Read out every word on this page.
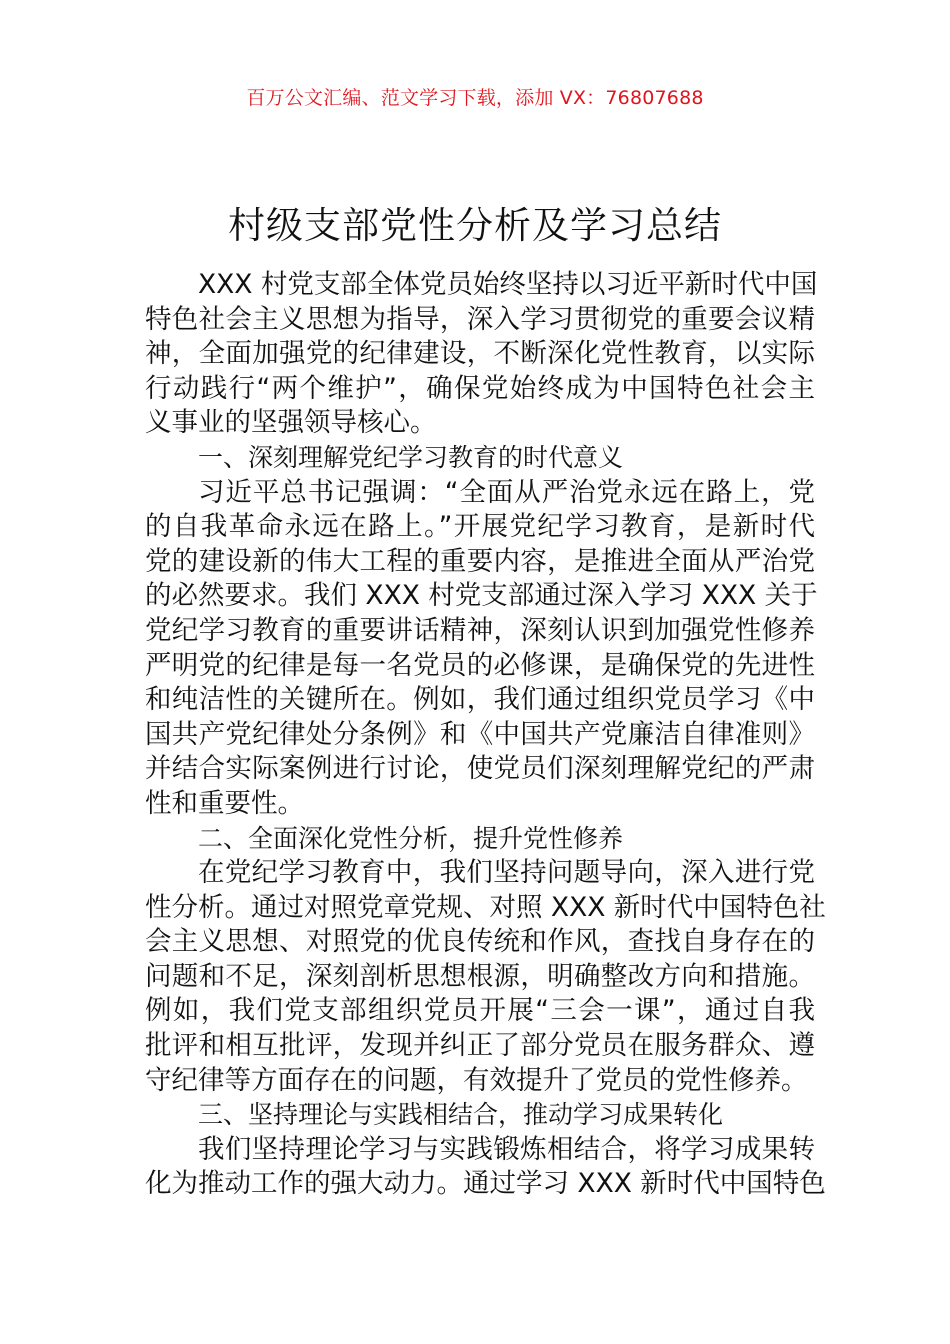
百万公文汇编、范文学习下载，添加 VX：76807688
村级支部党性分析及学习总结
XXX 村党支部全体党员始终坚持以习近平新时代中国
特色社会主义思想为指导，深入学习贯彻党的重要会议精
神，全面加强党的纪律建设，不断深化党性教育，以实际
行动践行“两个维护”，确保党始终成为中国特色社会主
义事业的坚强领导核心。
一、深刻理解党纪学习教育的时代意义
习近平总书记强调：“全面从严治党永远在路上，党
的自我革命永远在路上。”开展党纪学习教育，是新时代
党的建设新的伟大工程的重要内容，是推进全面从严治党
的必然要求。我们 XXX 村党支部通过深入学习 XXX 关于
党纪学习教育的重要讲话精神，深刻认识到加强党性修养
严明党的纪律是每一名党员的必修课，是确保党的先进性
和纯洁性的关键所在。例如，我们通过组织党员学习《中
国共产党纪律处分条例》和《中国共产党廉洁自律准则》
并结合实际案例进行讨论，使党员们深刻理解党纪的严肃
性和重要性。
二、全面深化党性分析，提升党性修养
在党纪学习教育中，我们坚持问题导向，深入进行党
性分析。通过对照党章党规、对照 XXX 新时代中国特色社
会主义思想、对照党的优良传统和作风，查找自身存在的
问题和不足，深刻剖析思想根源，明确整改方向和措施。
例如，我们党支部组织党员开展“三会一课”，通过自我
批评和相互批评，发现并纠正了部分党员在服务群众、遵
守纪律等方面存在的问题，有效提升了党员的党性修养。
三、坚持理论与实践相结合，推动学习成果转化
我们坚持理论学习与实践锻炼相结合，将学习成果转
化为推动工作的强大动力。通过学习 XXX 新时代中国特色
